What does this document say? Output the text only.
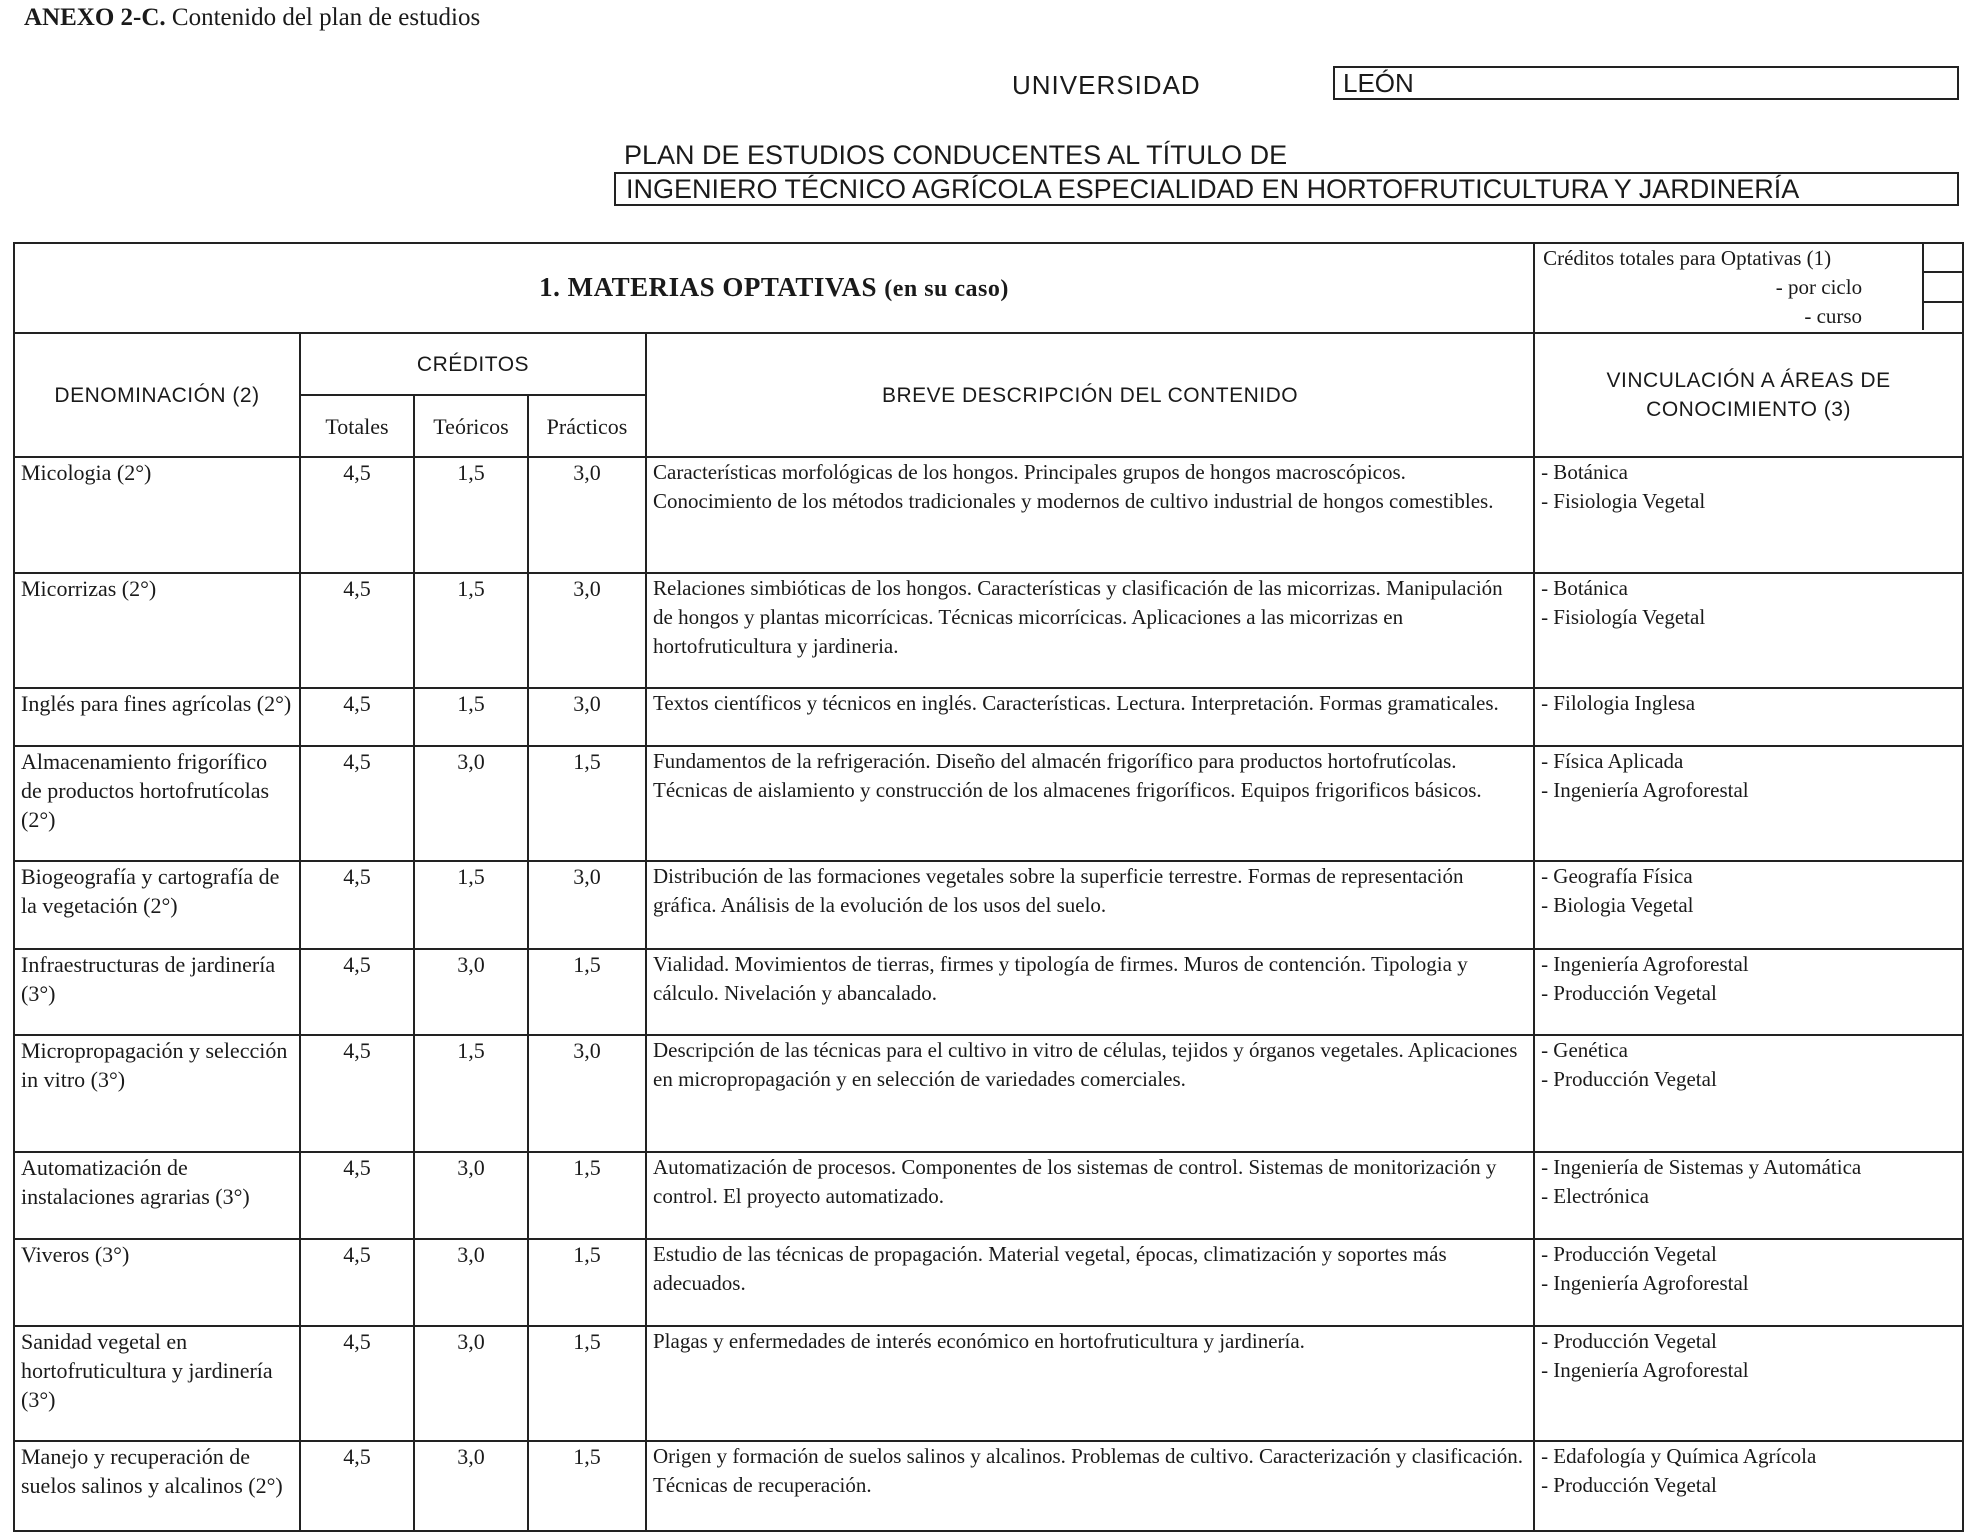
ANEXO 2-C. Contenido del plan de estudios
UNIVERSIDAD	LEÓN
PLAN DE ESTUDIOS CONDUCENTES AL TÍTULO DE
INGENIERO TÉCNICO AGRÍCOLA ESPECIALIDAD EN HORTOFRUTICULTURA Y JARDINERÍA
1. MATERIAS OPTATIVAS (en su caso)					Créditos totales para Optativas (1)
- por ciclo
- curso

DENOMINACIÓN (2)	CRÉDITOS			BREVE DESCRIPCIÓN DEL CONTENIDO	VINCULACIÓN A ÁREAS DE CONOCIMIENTO (3)
	Totales	Teóricos	Prácticos		
Micologia (2°)	4,5	1,5	3,0	Características morfológicas de los hongos. Principales grupos de hongos macroscópicos. Conocimiento de los métodos tradicionales y modernos de cultivo industrial de hongos comestibles.	- Botánica
- Fisiologia Vegetal

Micorrizas (2°)	4,5	1,5	3,0	Relaciones simbióticas de los hongos. Características y clasificación de las micorrizas. Manipulación de hongos y plantas micorrícicas. Técnicas micorrícicas. Aplicaciones a las micorrizas en hortofruticultura y jardineria.	- Botánica
- Fisiología Vegetal

Inglés para fines agrícolas (2°)	4,5	1,5	3,0	Textos científicos y técnicos en inglés. Características. Lectura. Interpretación. Formas gramaticales.	- Filologia Inglesa

Almacenamiento frigorífico de productos hortofrutícolas (2°)	4,5	3,0	1,5	Fundamentos de la refrigeración. Diseño del almacén frigorífico para productos hortofrutícolas. Técnicas de aislamiento y construcción de los almacenes frigoríficos. Equipos frigorificos básicos.	- Física Aplicada
- Ingeniería Agroforestal

Biogeografía y cartografía de la vegetación (2°)	4,5	1,5	3,0	Distribución de las formaciones vegetales sobre la superficie terrestre. Formas de representación gráfica. Análisis de la evolución de los usos del suelo.	- Geografía Física
- Biologia Vegetal

Infraestructuras de jardinería (3°)	4,5	3,0	1,5	Vialidad. Movimientos de tierras, firmes y tipología de firmes. Muros de contención. Tipologia y cálculo. Nivelación y abancalado.	- Ingeniería Agroforestal
- Producción Vegetal

Micropropagación y selección in vitro (3°)	4,5	1,5	3,0	Descripción de las técnicas para el cultivo in vitro de células, tejidos y órganos vegetales. Aplicaciones en micropropagación y en selección de variedades comerciales.	- Genética
- Producción Vegetal

Automatización de instalaciones agrarias (3°)	4,5	3,0	1,5	Automatización de procesos. Componentes de los sistemas de control. Sistemas de monitorización y control. El proyecto automatizado.	- Ingeniería de Sistemas y Automática
- Electrónica

Viveros (3°)	4,5	3,0	1,5	Estudio de las técnicas de propagación. Material vegetal, épocas, climatización y soportes más adecuados.	- Producción Vegetal
- Ingeniería Agroforestal

Sanidad vegetal en hortofruticultura y jardinería (3°)	4,5	3,0	1,5	Plagas y enfermedades de interés económico en hortofruticultura y jardinería.	- Producción Vegetal
- Ingeniería Agroforestal

Manejo y recuperación de suelos salinos y alcalinos (2°)	4,5	3,0	1,5	Origen y formación de suelos salinos y alcalinos. Problemas de cultivo. Caracterización y clasificación. Técnicas de recuperación.	- Edafología y Química Agrícola
- Producción Vegetal
